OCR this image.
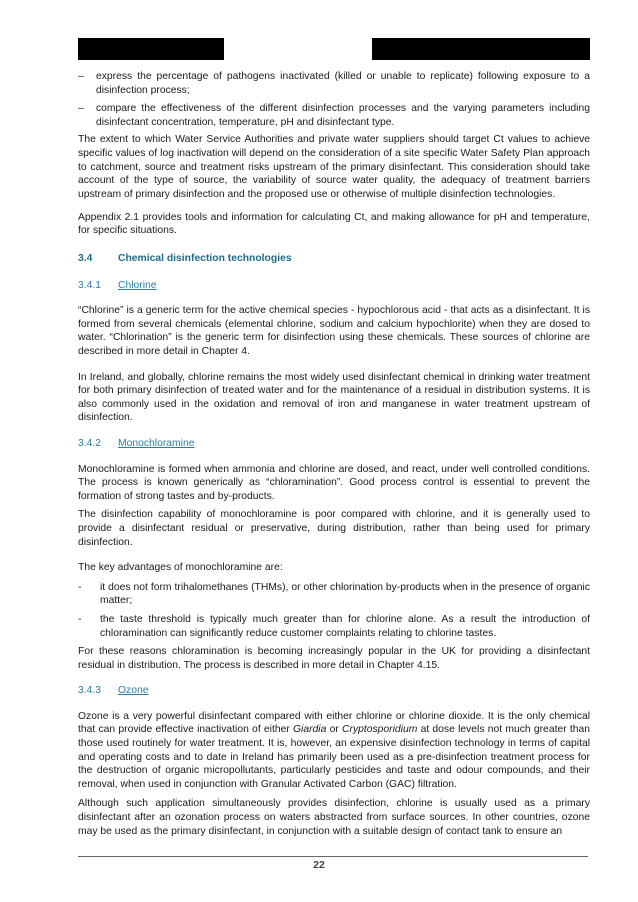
–	express the percentage of pathogens inactivated (killed or unable to replicate) following exposure to a disinfection process;
–	compare the effectiveness of the different disinfection processes and the varying parameters including disinfectant concentration, temperature, pH and disinfectant type.

The extent to which Water Service Authorities and private water suppliers should target Ct values to achieve specific values of log inactivation will depend on the consideration of a site specific Water Safety Plan approach to catchment, source and treatment risks upstream of the primary disinfectant. This consideration should take account of the type of source, the variability of source water quality, the adequacy of treatment barriers upstream of primary disinfection and the proposed use or otherwise of multiple disinfection technologies.

Appendix 2.1 provides tools and information for calculating Ct, and making allowance for pH and temperature, for specific situations.

3.4	Chemical disinfection technologies
3.4.1	Chlorine

“Chlorine” is a generic term for the active chemical species - hypochlorous acid - that acts as a disinfectant. It is formed from several chemicals (elemental chlorine, sodium and calcium hypochlorite) when they are dosed to water. “Chlorination” is the generic term for disinfection using these chemicals. These sources of chlorine are described in more detail in Chapter 4.

In Ireland, and globally, chlorine remains the most widely used disinfectant chemical in drinking water treatment for both primary disinfection of treated water and for the maintenance of a residual in distribution systems. It is also commonly used in the oxidation and removal of iron and manganese in water treatment upstream of disinfection.

3.4.2	Monochloramine

Monochloramine is formed when ammonia and chlorine are dosed, and react, under well controlled conditions. The process is known generically as “chloramination”. Good process control is essential to prevent the formation of strong tastes and by-products.

The disinfection capability of monochloramine is poor compared with chlorine, and it is generally used to provide a disinfectant residual or preservative, during distribution, rather than being used for primary disinfection.

The key advantages of monochloramine are:

-	it does not form trihalomethanes (THMs), or other chlorination by-products when in the presence of organic matter;
-	the taste threshold is typically much greater than for chlorine alone. As a result the introduction of chloramination can significantly reduce customer complaints relating to chlorine tastes.

For these reasons chloramination is becoming increasingly popular in the UK for providing a disinfectant residual in distribution. The process is described in more detail in Chapter 4.15.

3.4.3	Ozone

Ozone is a very powerful disinfectant compared with either chlorine or chlorine dioxide. It is the only chemical that can provide effective inactivation of either Giardia or Cryptosporidium at dose levels not much greater than those used routinely for water treatment. It is, however, an expensive disinfection technology in terms of capital and operating costs and to date in Ireland has primarily been used as a pre-disinfection treatment process for the destruction of organic micropollutants, particularly pesticides and taste and odour compounds, and their removal, when used in conjunction with Granular Activated Carbon (GAC) filtration.

Although such application simultaneously provides disinfection, chlorine is usually used as a primary disinfectant after an ozonation process on waters abstracted from surface sources. In other countries, ozone may be used as the primary disinfectant, in conjunction with a suitable design of contact tank to ensure an

22
